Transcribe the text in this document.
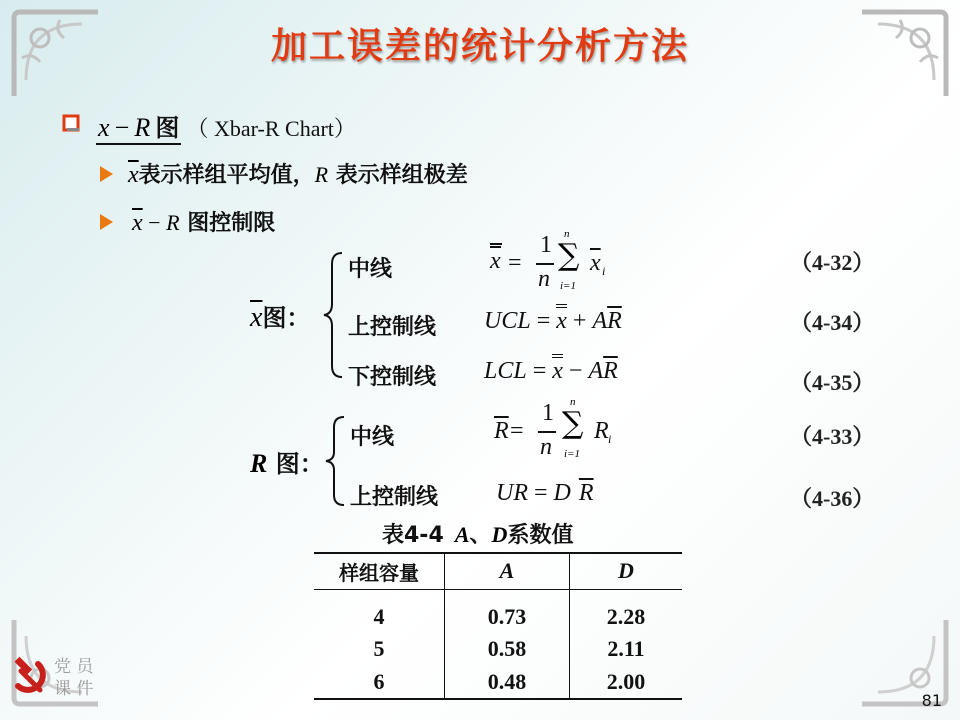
加工误差的统计分析方法
x − R 图 （ Xbar-R Chart）
$\overline{x}$表示样组平均值，R 表示样组极差
$\overline{x} - R$ 图控制限
$\overline{x}$图：
中线
上控制线
下控制线
x =
1
n
n
∑
i=1
$\overline{x}$ i
UCL = $x + A\overline{R}$
LCL = $x - A\overline{R}$
（4-32）
（4-34）
（4-35）
R 图：
中线
上控制线
$\overline{R}$ =
1
n
n
∑
i=1
R i
UR = D $\overline{R}$
（4-33）
（4-36）
表4-4 A、D系数值
样组容量	A	D

4	0.73	2.28
5	0.58	2.11
6	0.48	2.00
党 员
课 件
81
